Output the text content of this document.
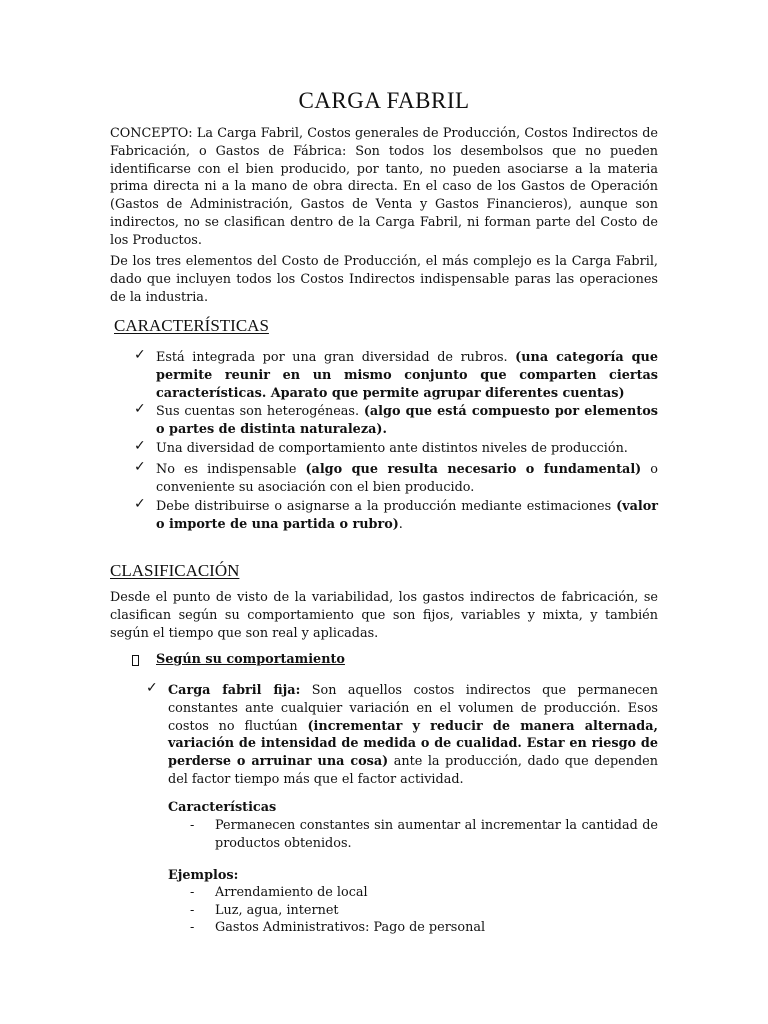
CARGA FABRIL

CONCEPTO: La Carga Fabril, Costos generales de Producción, Costos Indirectos de Fabricación, o Gastos de Fábrica: Son todos los desembolsos que no pueden identificarse con el bien producido, por tanto, no pueden asociarse a la materia prima directa ni a la mano de obra directa. En el caso de los Gastos de Operación (Gastos de Administración, Gastos de Venta y Gastos Financieros), aunque son indirectos, no se clasifican dentro de la Carga Fabril, ni forman parte del Costo de los Productos.

De los tres elementos del Costo de Producción, el más complejo es la Carga Fabril, dado que incluyen todos los Costos Indirectos indispensable paras las operaciones de la industria.

CARACTERÍSTICAS
✓ Está integrada por una gran diversidad de rubros. (una categoría que permite reunir en un mismo conjunto que comparten ciertas características. Aparato que permite agrupar diferentes cuentas)

✓ Sus cuentas son heterogéneas. (algo que está compuesto por elementos o partes de distinta naturaleza).

✓ Una diversidad de comportamiento ante distintos niveles de producción.

✓ No es indispensable (algo que resulta necesario o fundamental) o conveniente su asociación con el bien producido.

✓ Debe distribuirse o asignarse a la producción mediante estimaciones (valor o importe de una partida o rubro).

CLASIFICACIÓN

Desde el punto de visto de la variabilidad, los gastos indirectos de fabricación, se clasifican según su comportamiento que son fijos, variables y mixta, y también según el tiempo que son real y aplicadas.

Según su comportamiento
✓ Carga fabril fija: Son aquellos costos indirectos que permanecen constantes ante cualquier variación en el volumen de producción. Esos costos no fluctúan (incrementar y reducir de manera alternada, variación de intensidad de medida o de cualidad. Estar en riesgo de perderse o arruinar una cosa) ante la producción, dado que dependen del factor tiempo más que el factor actividad.

Características
- Permanecen constantes sin aumentar al incrementar la cantidad de productos obtenidos.

Ejemplos:
- Arrendamiento de local

- Luz, agua, internet

- Gastos Administrativos: Pago de personal
